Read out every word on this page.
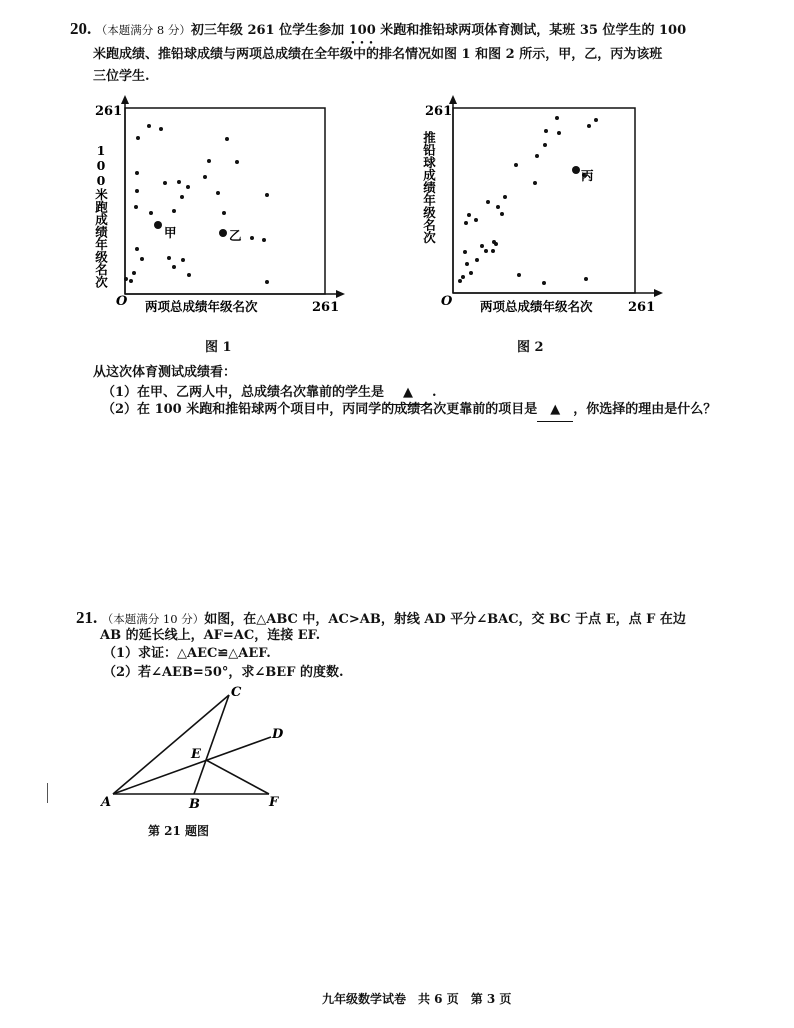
20. （本题满分 8 分）初三年级 261 位学生参加 100 米跑和推铅球两项体育测试，某班 35 位学生的 100
米跑成绩、推铅球成绩与两项总成绩在全年级中的排名情况如图 1 和图 2 所示，甲，乙，丙为该班
三位学生.
261
261
O
100米跑成绩年级名次
两项总成绩年级名次
甲	乙
图 1
261
261
O
推铅球成绩年级名次
两项总成绩年级名次
丙
图 2
从这次体育测试成绩看：
（1）在甲、乙两人中，总成绩名次靠前的学生是 ▲ .
（2）在 100 米跑和推铅球两个项目中，丙同学的成绩名次更靠前的项目是 ▲ ，你选择的理由是什么？
21. （本题满分 10 分）如图，在△ABC 中，AC>AB，射线 AD 平分∠BAC，交 BC 于点 E，点 F 在边
AB 的延长线上，AF=AC，连接 EF.
（1）求证：△AEC≌△AEF.
（2）若∠AEB=50°，求∠BEF 的度数.
A	B
C
D
E
F
第 21 题图
九年级数学试卷　共 6 页　第 3 页
